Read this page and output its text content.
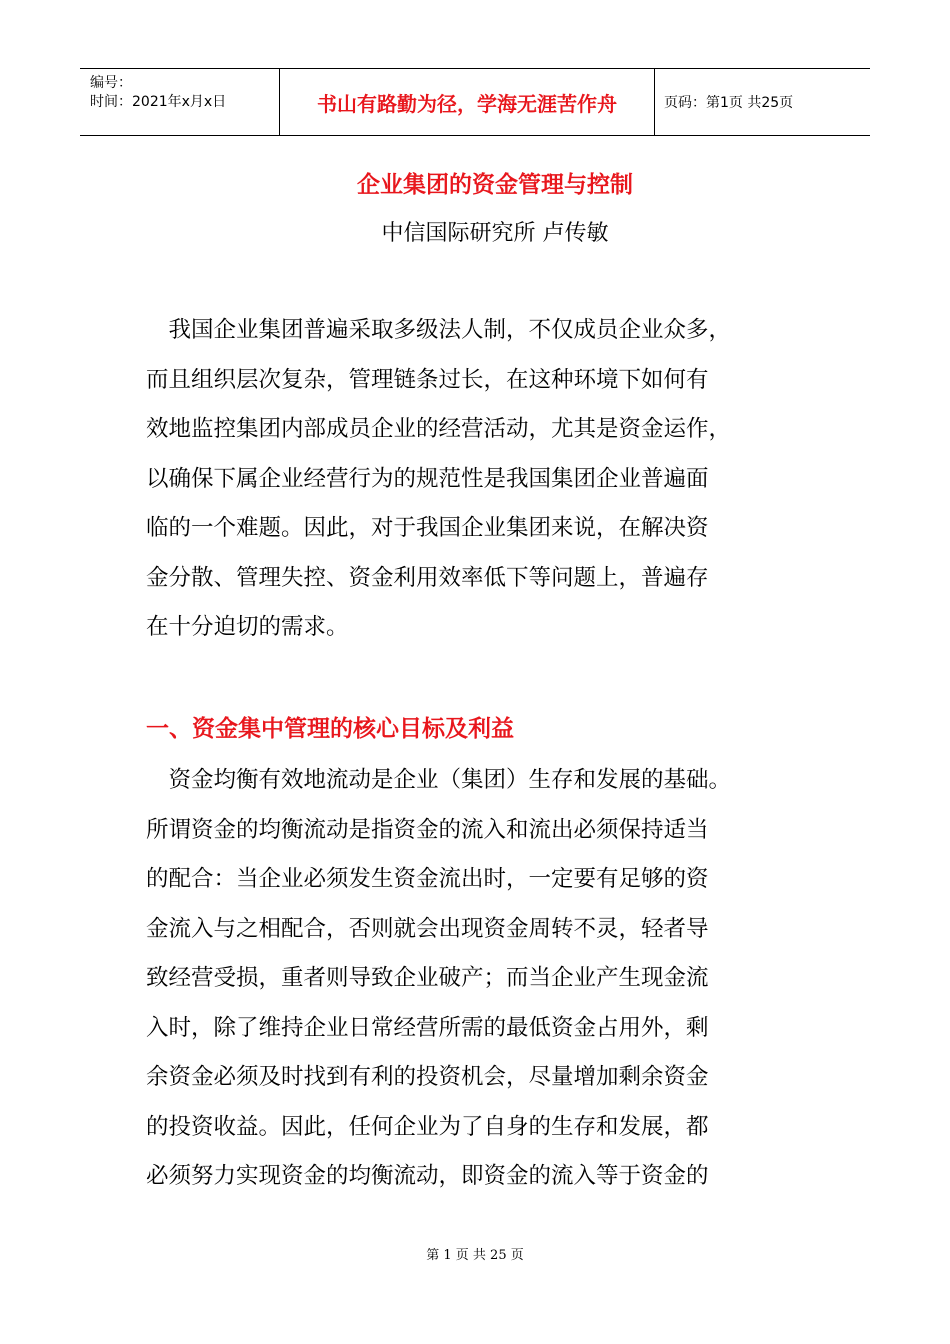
编号：
时间：2021年x月x日	书山有路勤为径，学海无涯苦作舟	页码：第1页 共25页
企业集团的资金管理与控制
中信国际研究所 卢传敏
　我国企业集团普遍采取多级法人制，不仅成员企业众多，
而且组织层次复杂，管理链条过长，在这种环境下如何有
效地监控集团内部成员企业的经营活动，尤其是资金运作，
以确保下属企业经营行为的规范性是我国集团企业普遍面
临的一个难题。因此，对于我国企业集团来说，在解决资
金分散、管理失控、资金利用效率低下等问题上，普遍存
在十分迫切的需求。
一、资金集中管理的核心目标及利益
　资金均衡有效地流动是企业（集团）生存和发展的基础。
所谓资金的均衡流动是指资金的流入和流出必须保持适当
的配合：当企业必须发生资金流出时，一定要有足够的资
金流入与之相配合，否则就会出现资金周转不灵，轻者导
致经营受损，重者则导致企业破产；而当企业产生现金流
入时，除了维持企业日常经营所需的最低资金占用外，剩
余资金必须及时找到有利的投资机会，尽量增加剩余资金
的投资收益。因此，任何企业为了自身的生存和发展，都
必须努力实现资金的均衡流动，即资金的流入等于资金的
第 1 页 共 25 页
